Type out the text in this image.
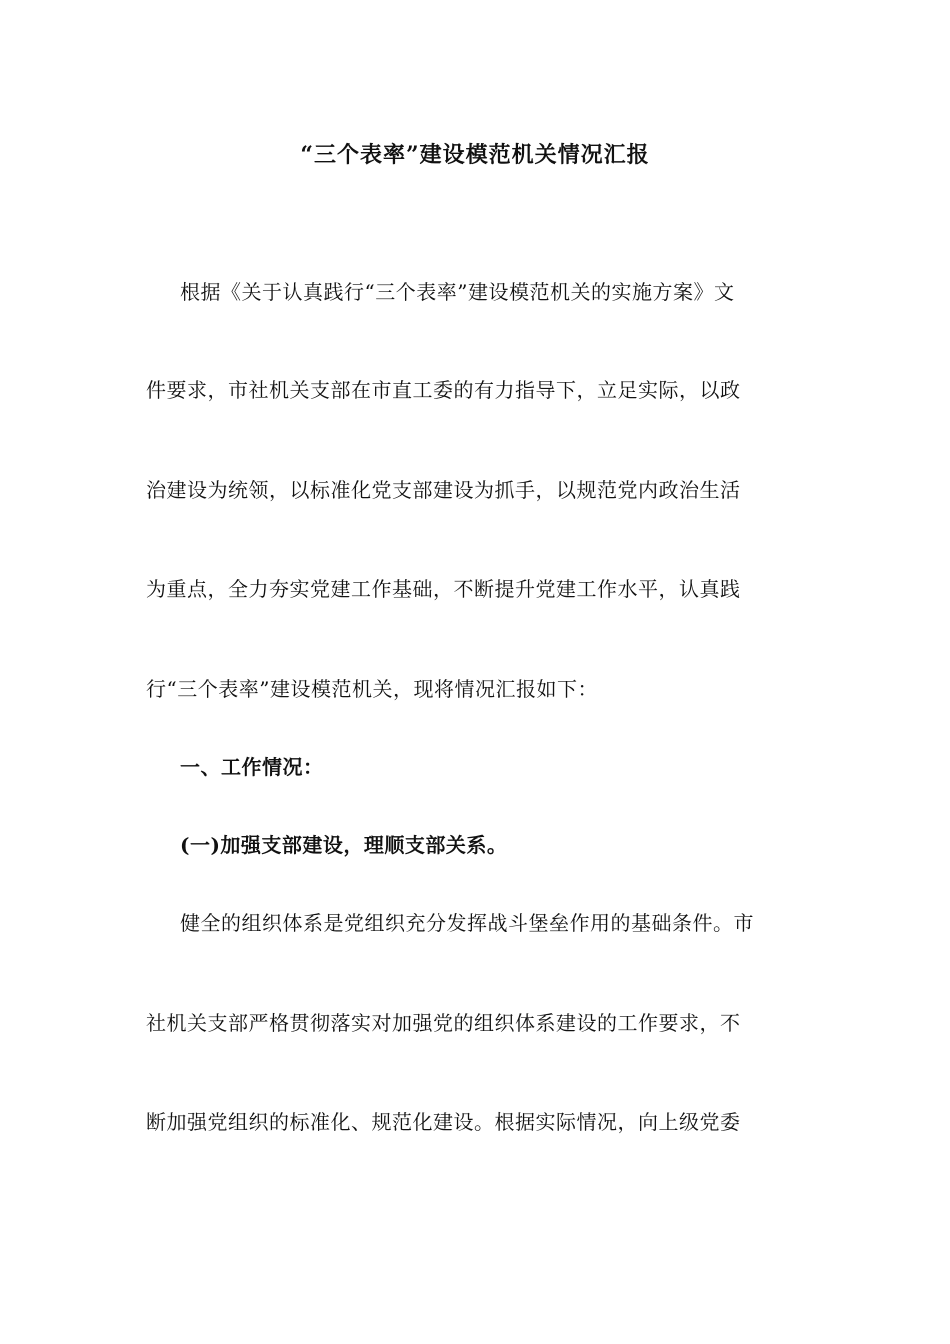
“三个表率”建设模范机关情况汇报
根据《关于认真践行“三个表率”建设模范机关的实施方案》文
件要求，市社机关支部在市直工委的有力指导下，立足实际，以政
治建设为统领，以标准化党支部建设为抓手，以规范党内政治生活
为重点，全力夯实党建工作基础，不断提升党建工作水平，认真践
行“三个表率”建设模范机关，现将情况汇报如下：
一、工作情况：
(一)加强支部建设，理顺支部关系。
健全的组织体系是党组织充分发挥战斗堡垒作用的基础条件。市
社机关支部严格贯彻落实对加强党的组织体系建设的工作要求，不
断加强党组织的标准化、规范化建设。根据实际情况，向上级党委
